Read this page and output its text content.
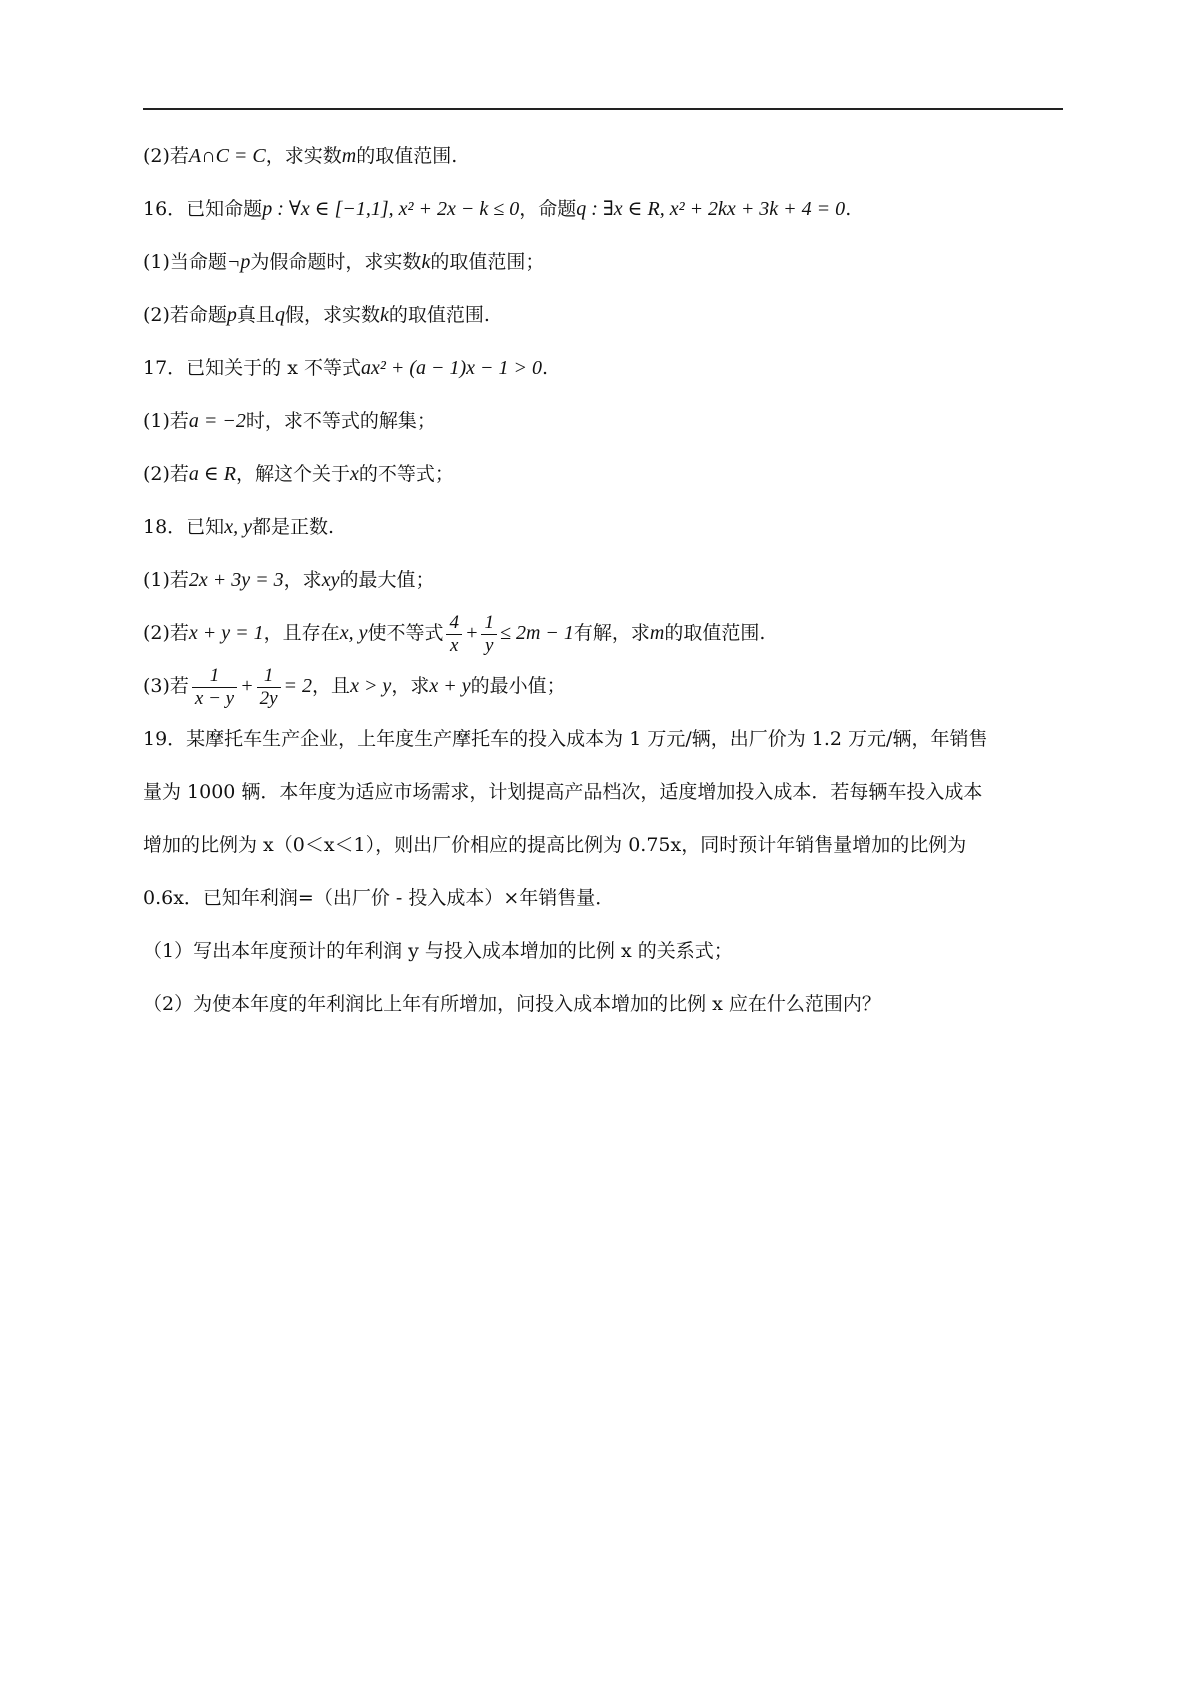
(2)若A∩C = C，求实数m的取值范围.
16．已知命题p : ∀x ∈ [−1,1], x² + 2x − k ≤ 0，命题q : ∃x ∈ R, x² + 2kx + 3k + 4 = 0.
(1)当命题¬p为假命题时，求实数k的取值范围；
(2)若命题p真且q假，求实数k的取值范围.
17．已知关于的 x 不等式ax² + (a − 1)x − 1 > 0.
(1)若a = −2时，求不等式的解集；
(2)若a ∈ R，解这个关于x的不等式；
18．已知x, y都是正数.
(1)若2x + 3y = 3，求xy的最大值；
(2)若x + y = 1，且存在x, y使不等式 $\frac{4}{x} + \frac{1}{y} \le 2m - 1$有解，求m的取值范围.
(3)若 $\frac{1}{x - y} + \frac{1}{2y} = 2$，且x > y，求x + y的最小值；
19．某摩托车生产企业，上年度生产摩托车的投入成本为 1 万元/辆，出厂价为 1.2 万元/辆，年销售
量为 1000 辆．本年度为适应市场需求，计划提高产品档次，适度增加投入成本．若每辆车投入成本
增加的比例为 x（0＜x＜1），则出厂价相应的提高比例为 0.75x，同时预计年销售量增加的比例为
0.6x．已知年利润=（出厂价 - 投入成本）×年销售量．
（1）写出本年度预计的年利润 y 与投入成本增加的比例 x 的关系式；
（2）为使本年度的年利润比上年有所增加，问投入成本增加的比例 x 应在什么范围内？
